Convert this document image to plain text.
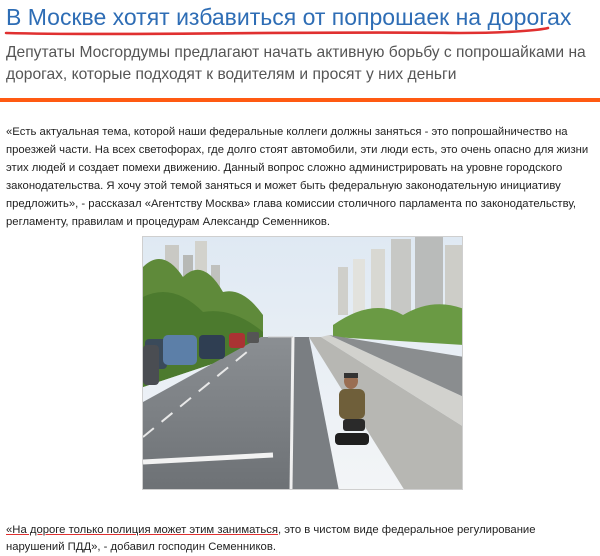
В Москве хотят избавиться от попрошаек на дорогах
Депутаты Мосгордумы предлагают начать активную борьбу с попрошайками на дорогах, которые подходят к водителям и просят у них деньги
«Есть актуальная тема, которой наши федеральные коллеги должны заняться - это попрошайничество на проезжей части. На всех светофорах, где долго стоят автомобили, эти люди есть, это очень опасно для жизни этих людей и создает помехи движению. Данный вопрос сложно администрировать на уровне городского законодательства. Я хочу этой темой заняться и может быть федеральную законодательную инициативу предложить», - рассказал «Агентству Москва» глава комиссии столичного парламента по законодательству, регламенту, правилам и процедурам Александр Семенников.
«На дороге только полиция может этим заниматься, это в чистом виде федеральное регулирование нарушений ПДД», - добавил господин Семенников.
